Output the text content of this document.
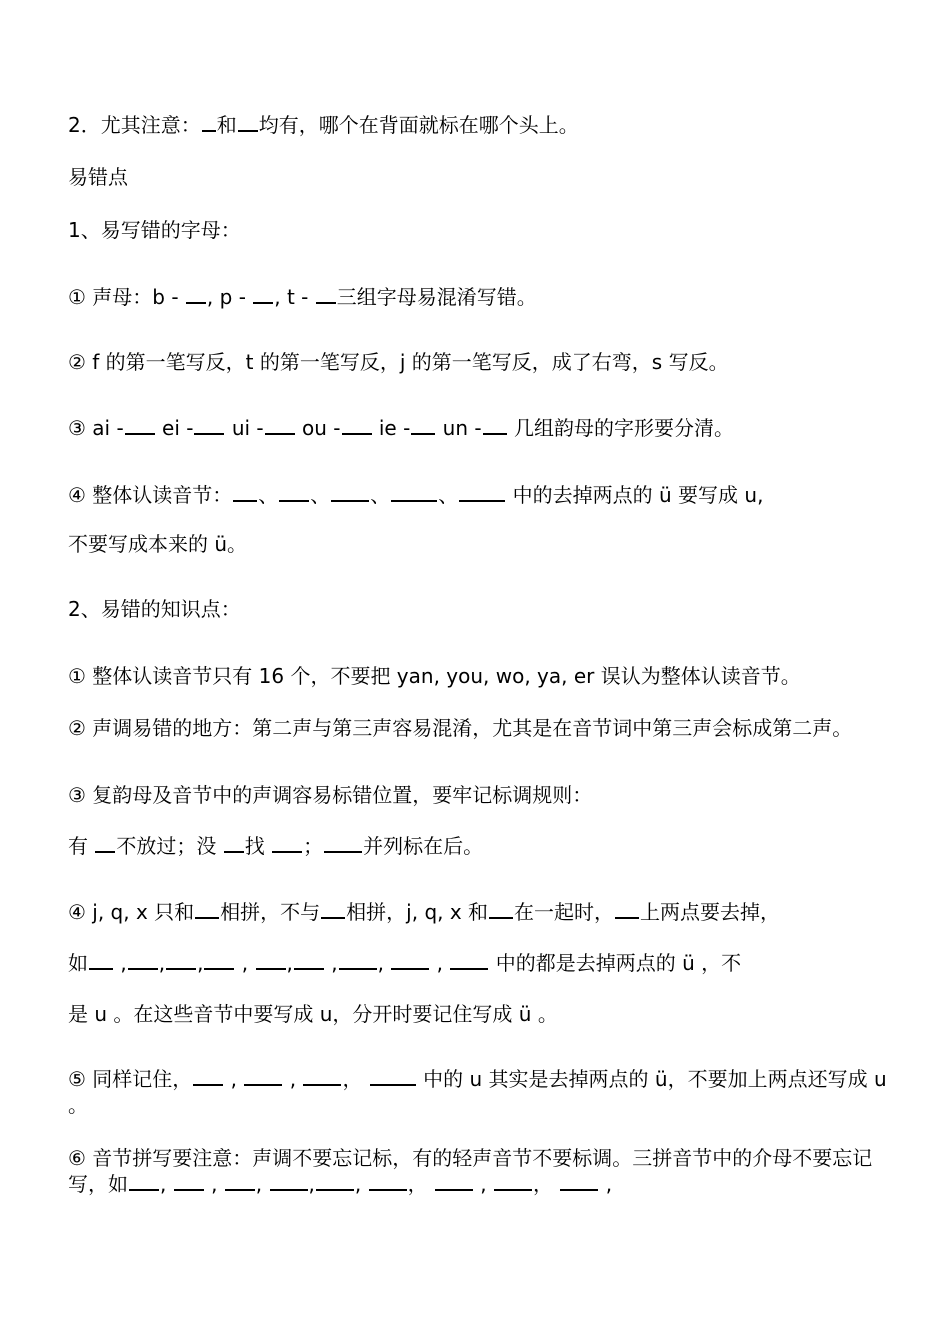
2．尤其注意： 和 均有，哪个在背面就标在哪个头上。
易错点
1、易写错的字母：
① 声母：b - , p - , t - 三组字母易混淆写错。
② f 的第一笔写反，t 的第一笔写反，j 的第一笔写反，成了右弯，s 写反。
③ ai - ei - ui - ou - ie - un - 几组韵母的字形要分清。
④ 整体认读音节： 、 、 、 、 中的去掉两点的 ü 要写成 u,
不要写成本来的 ü。
2、易错的知识点：
① 整体认读音节只有 16 个，不要把 yan, you, wo, ya, er 误认为整体认读音节。
② 声调易错的地方：第二声与第三声容易混淆，尤其是在音节词中第三声会标成第二声。
③ 复韵母及音节中的声调容易标错位置，要牢记标调规则：
有 不放过；没 找 ； 并列标在后。
④ j, q, x 只和 相拼，不与 相拼，j, q, x 和 在一起时， 上两点要去掉，
如 , , , , , , ,  ,  中的都是去掉两点的 ü ，不
是 u 。在这些音节中要写成 u，分开时要记住写成 ü 。
⑤ 同样记住， ,  , ，  中的 u 其实是去掉两点的 ü，不要加上两点还写成 u 。
⑥ 音节拼写要注意：声调不要忘记标，有的轻声音节不要标调。三拼音节中的介母不要忘记写，如 ,  , , , , ，  , ，  ,
